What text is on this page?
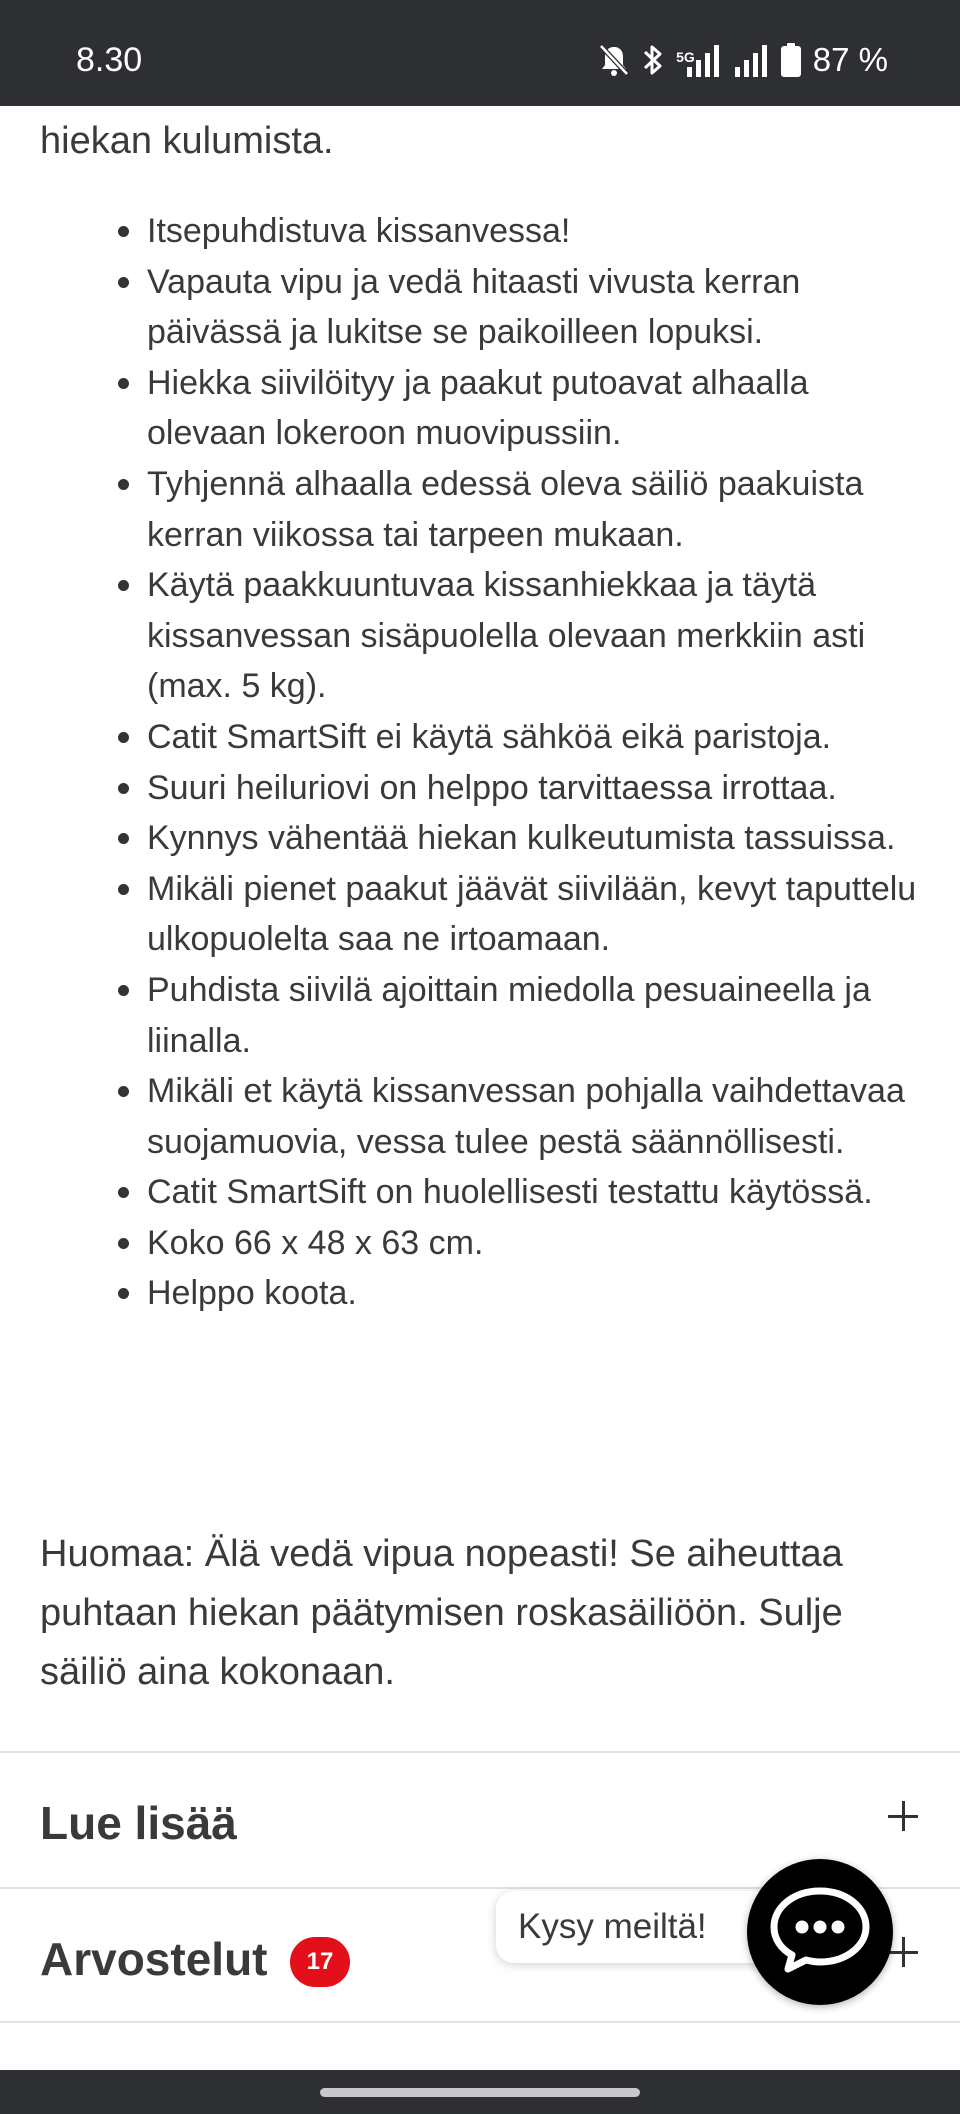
8.30	5G	87 %
hiekan kulumista.
Itsepuhdistuva kissanvessa!
Vapauta vipu ja vedä hitaasti vivusta kerran päivässä ja lukitse se paikoilleen lopuksi.
Hiekka siivilöityy ja paakut putoavat alhaalla olevaan lokeroon muovipussiin.
Tyhjennä alhaalla edessä oleva säiliö paakuista kerran viikossa tai tarpeen mukaan.
Käytä paakkuuntuvaa kissanhiekkaa ja täytä kissanvessan sisäpuolella olevaan merkkiin asti (max. 5 kg).
Catit SmartSift ei käytä sähköä eikä paristoja.
Suuri heiluriovi on helppo tarvittaessa irrottaa.
Kynnys vähentää hiekan kulkeutumista tassuissa.
Mikäli pienet paakut jäävät siivilään, kevyt taputtelu ulkopuolelta saa ne irtoamaan.
Puhdista siivilä ajoittain miedolla pesuaineella ja liinalla.
Mikäli et käytä kissanvessan pohjalla vaihdettavaa suojamuovia, vessa tulee pestä säännöllisesti.
Catit SmartSift on huolellisesti testattu käytössä.
Koko 66 x 48 x 63 cm.
Helppo koota.
Huomaa: Älä vedä vipua nopeasti! Se aiheuttaa puhtaan hiekan päätymisen roskasäiliöön. Sulje säiliö aina kokonaan.
Lue lisää
Arvostelut	17
Kysy meiltä!
